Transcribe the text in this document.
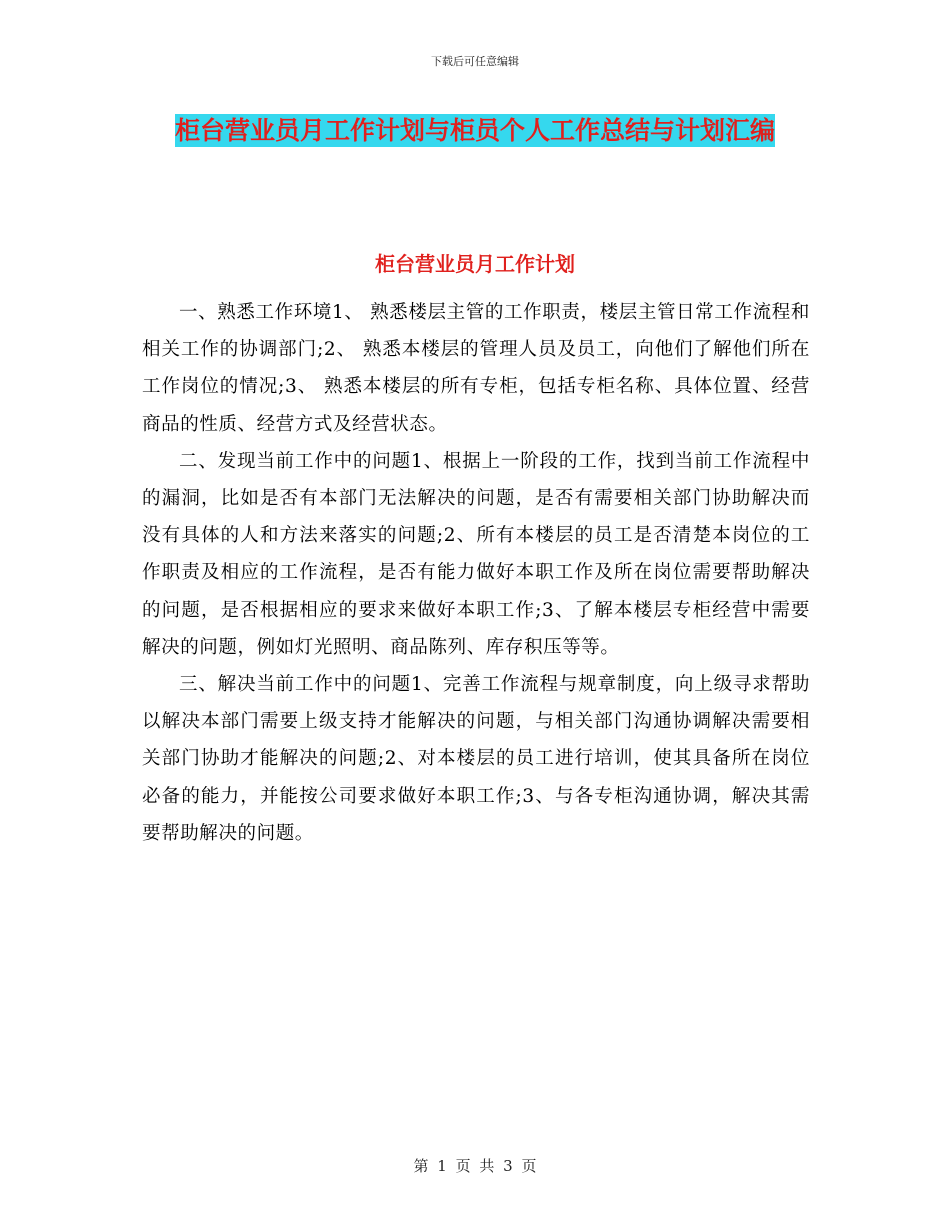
下载后可任意编辑
柜台营业员月工作计划与柜员个人工作总结与计划汇编
柜台营业员月工作计划

一、熟悉工作环境1、 熟悉楼层主管的工作职责，楼层主管日常工作流程和相关工作的协调部门;2、 熟悉本楼层的管理人员及员工，向他们了解他们所在工作岗位的情况;3、 熟悉本楼层的所有专柜，包括专柜名称、具体位置、经营商品的性质、经营方式及经营状态。

二、发现当前工作中的问题1、根据上一阶段的工作，找到当前工作流程中的漏洞，比如是否有本部门无法解决的问题，是否有需要相关部门协助解决而没有具体的人和方法来落实的问题;2、所有本楼层的员工是否清楚本岗位的工作职责及相应的工作流程，是否有能力做好本职工作及所在岗位需要帮助解决的问题，是否根据相应的要求来做好本职工作;3、了解本楼层专柜经营中需要解决的问题，例如灯光照明、商品陈列、库存积压等等。

三、解决当前工作中的问题1、完善工作流程与规章制度，向上级寻求帮助以解决本部门需要上级支持才能解决的问题，与相关部门沟通协调解决需要相关部门协助才能解决的问题;2、对本楼层的员工进行培训，使其具备所在岗位必备的能力，并能按公司要求做好本职工作;3、与各专柜沟通协调，解决其需要帮助解决的问题。

第 1 页 共 3 页
